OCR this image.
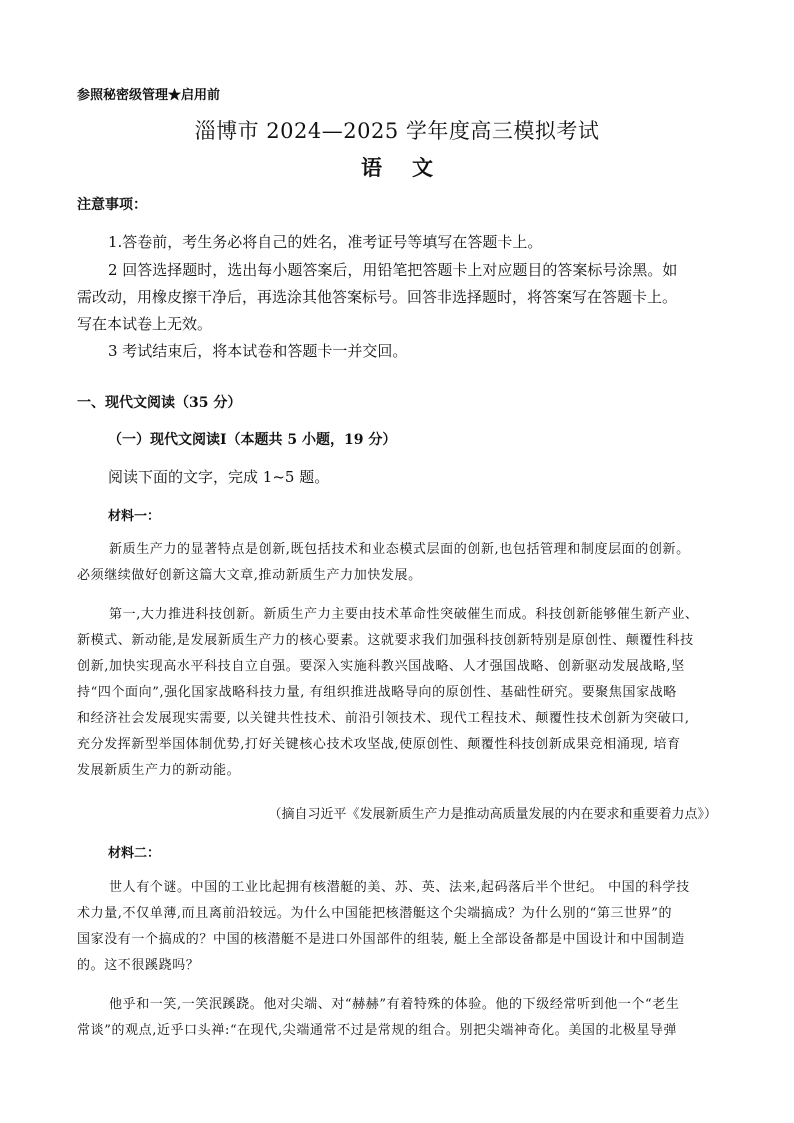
参照秘密级管理★启用前
淄博市 2024—2025 学年度高三模拟考试
语文
注意事项：
1.答卷前，考生务必将自己的姓名，准考证号等填写在答题卡上。
2 回答选择题时，选出每小题答案后，用铅笔把答题卡上对应题目的答案标号涂黑。如
需改动，用橡皮擦干净后，再选涂其他答案标号。回答非选择题时，将答案写在答题卡上。
写在本试卷上无效。
3 考试结束后，将本试卷和答题卡一并交回。
一、现代文阅读（35 分）
（一）现代文阅读Ⅰ（本题共 5 小题，19 分）
阅读下面的文字，完成 1~5 题。
材料一：

新质生产力的显著特点是创新,既包括技术和业态模式层面的创新,也包括管理和制度层面的创新。

必须继续做好创新这篇大文章,推动新质生产力加快发展。

第一,大力推进科技创新。新质生产力主要由技术革命性突破催生而成。科技创新能够催生新产业、

新模式、新动能,是发展新质生产力的核心要素。这就要求我们加强科技创新特别是原创性、颠覆性科技

创新,加快实现高水平科技自立自强。要深入实施科教兴国战略、人才强国战略、创新驱动发展战略,坚

持“四个面向”,强化国家战略科技力量, 有组织推进战略导向的原创性、基础性研究。要聚焦国家战略

和经济社会发展现实需要, 以关键共性技术、前沿引领技术、现代工程技术、颠覆性技术创新为突破口,

充分发挥新型举国体制优势,打好关键核心技术攻坚战,使原创性、颠覆性科技创新成果竞相涌现, 培育

发展新质生产力的新动能。

（摘自习近平《发展新质生产力是推动高质量发展的内在要求和重要着力点》）
材料二：

世人有个谜。中国的工业比起拥有核潜艇的美、苏、英、法来,起码落后半个世纪。 中国的科学技

术力量,不仅单薄,而且离前沿较远。为什么中国能把核潜艇这个尖端搞成？为什么别的“第三世界”的

国家没有一个搞成的？中国的核潜艇不是进口外国部件的组装, 艇上全部设备都是中国设计和中国制造

的。这不很蹊跷吗？

他乎和一笑,一笑泯蹊跷。他对尖端、对“赫赫”有着特殊的体验。他的下级经常听到他一个“老生

常谈”的观点,近乎口头禅:“在现代,尖端通常不过是常规的组合。别把尖端神奇化。美国的北极星导弹
